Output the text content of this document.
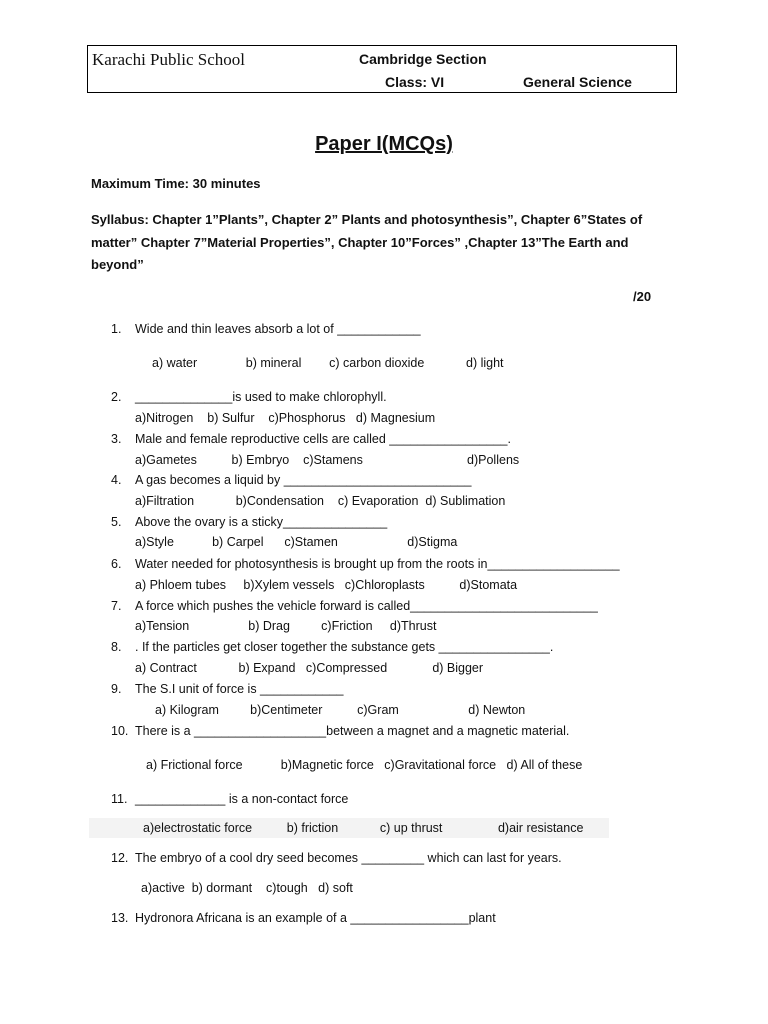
Karachi Public School	Cambridge Section
Class: VI	General Science
Paper I(MCQs)
Maximum Time: 30 minutes
Syllabus: Chapter 1”Plants”, Chapter 2” Plants and photosynthesis”, Chapter 6”States of matter” Chapter 7”Material Properties”, Chapter 10”Forces” ,Chapter 13”The Earth and beyond”
/20
1. Wide and thin leaves absorb a lot of ____________
a) water              b) mineral        c) carbon dioxide            d) light
2. ______________is used to make chlorophyll.
a)Nitrogen    b) Sulfur    c)Phosphorus   d) Magnesium
3. Male and female reproductive cells are called _________________.
a)Gametes          b) Embryo    c)Stamens                              d)Pollens
4. A gas becomes a liquid by ___________________________
a)Filtration            b)Condensation    c) Evaporation  d) Sublimation
5. Above the ovary is a sticky_______________
a)Style           b) Carpel      c)Stamen                    d)Stigma
6. Water needed for photosynthesis is brought up from the roots in___________________
a) Phloem tubes     b)Xylem vessels   c)Chloroplasts          d)Stomata
7. A force which pushes the vehicle forward is called___________________________
a)Tension                 b) Drag         c)Friction     d)Thrust
8. . If the particles get closer together the substance gets ________________.
a) Contract            b) Expand   c)Compressed             d) Bigger
9. The S.I unit of force is ____________
a) Kilogram         b)Centimeter          c)Gram                    d) Newton
10. There is a ___________________between a magnet and a magnetic material.
a) Frictional force           b)Magnetic force   c)Gravitational force   d) All of these
11. _____________ is a non-contact force
a)electrostatic force          b) friction            c) up thrust                d)air resistance
12. The embryo of a cool dry seed becomes _________ which can last for years.
a)active  b) dormant    c)tough   d) soft
13. Hydronora Africana is an example of a _________________plant
